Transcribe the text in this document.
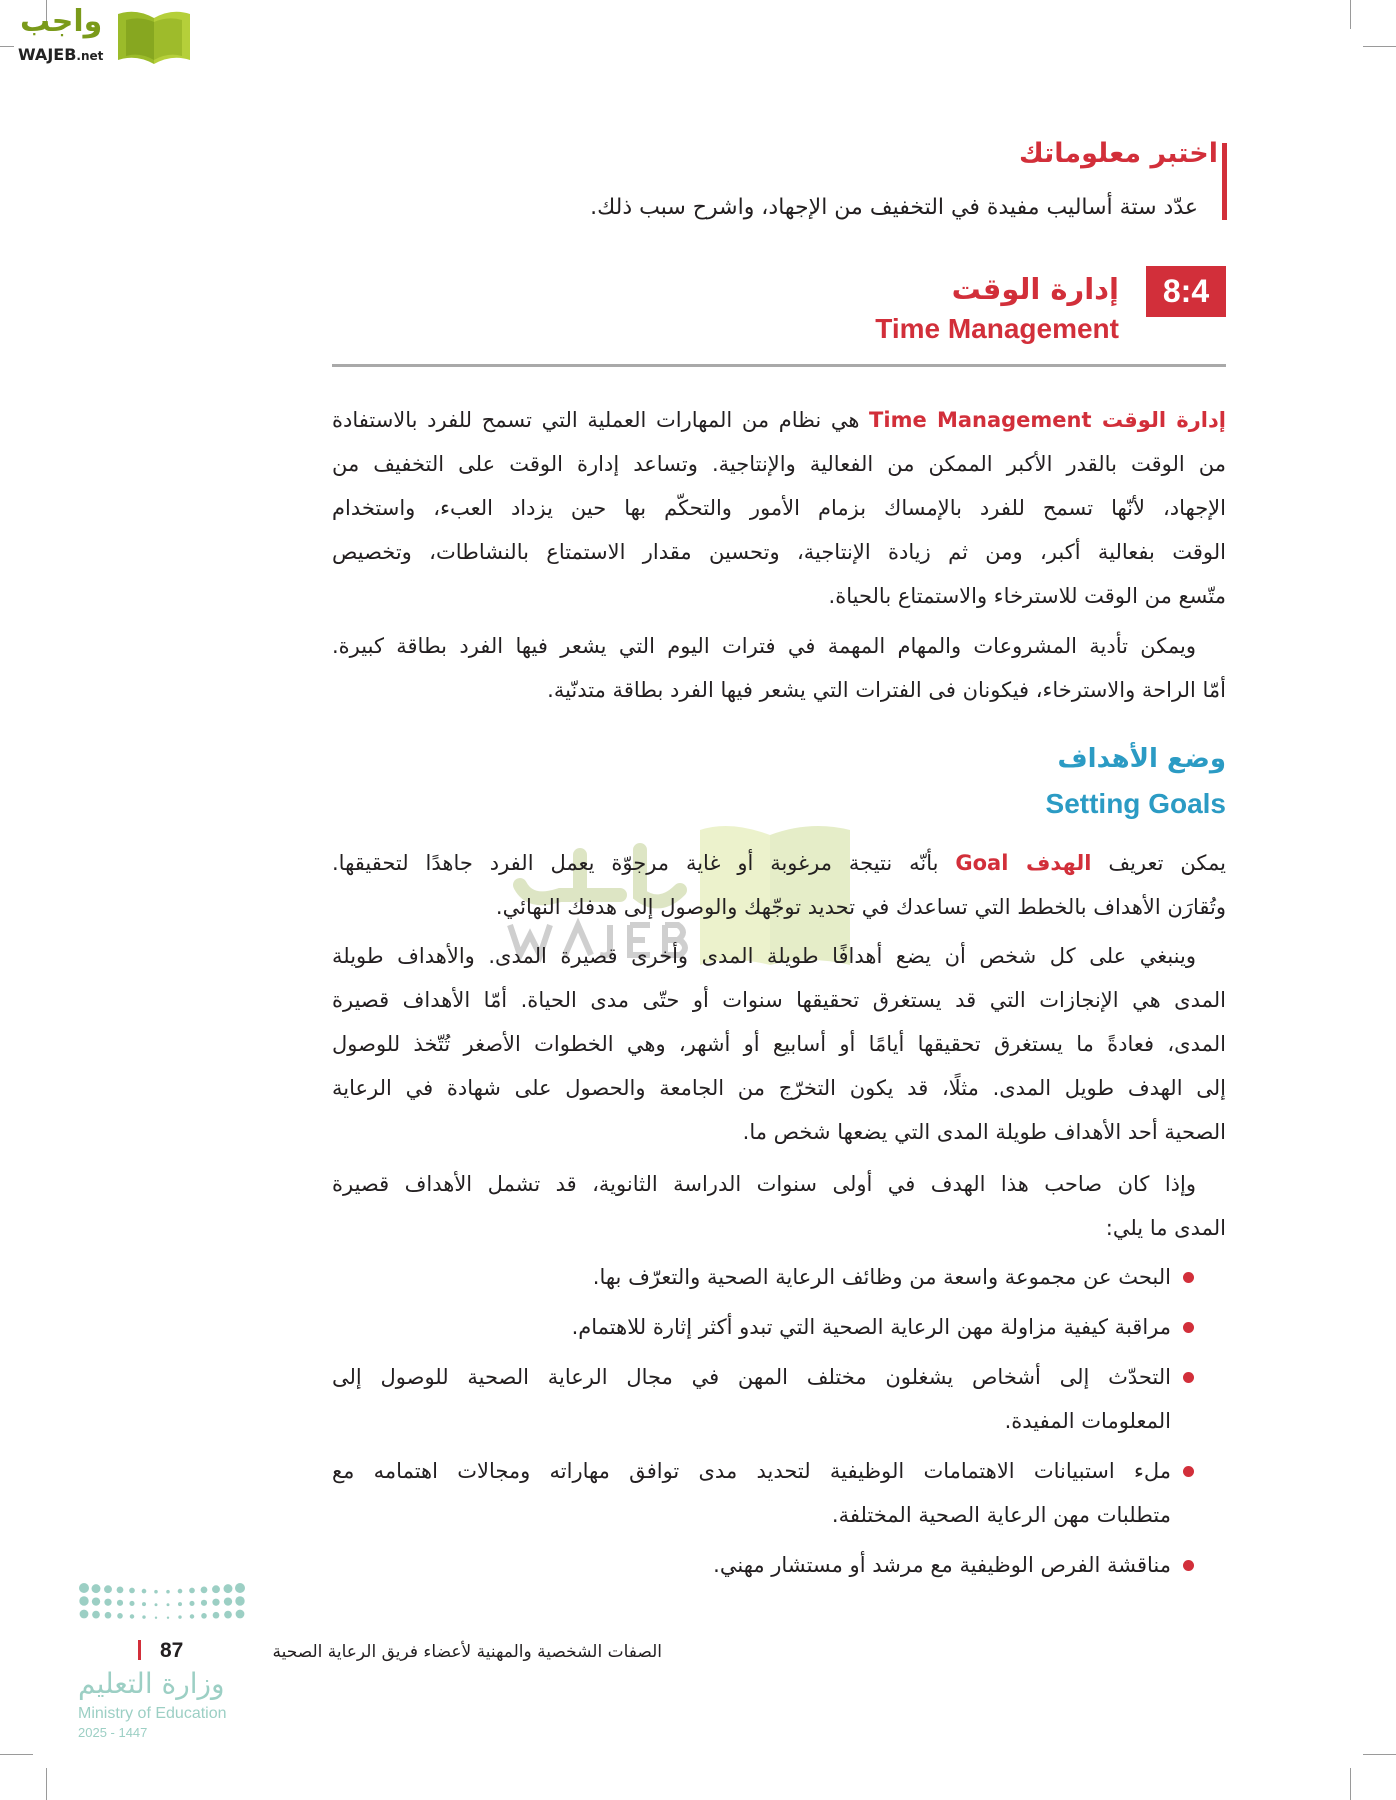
واجب
WAJEB.net
اختبر معلوماتك
عدّد ستة أساليب مفيدة في التخفيف من الإجهاد، واشرح سبب ذلك.
8:4
إدارة الوقت
Time Management
إدارة الوقت Time Management هي نظام من المهارات العملية التي تسمح للفرد بالاستفادة
من الوقت بالقدر الأكبر الممكن من الفعالية والإنتاجية. وتساعد إدارة الوقت على التخفيف من
الإجهاد، لأنّها تسمح للفرد بالإمساك بزمام الأمور والتحكّم بها حين يزداد العبء، واستخدام
الوقت بفعالية أكبر، ومن ثم زيادة الإنتاجية، وتحسين مقدار الاستمتاع بالنشاطات، وتخصيص
متّسع من الوقت للاسترخاء والاستمتاع بالحياة.
ويمكن تأدية المشروعات والمهام المهمة في فترات اليوم التي يشعر فيها الفرد بطاقة كبيرة.
أمّا الراحة والاسترخاء، فيكونان فى الفترات التي يشعر فيها الفرد بطاقة متدنّية.
وضع الأهداف
Setting Goals
يمكن تعريف الهدف Goal بأنّه نتيجة مرغوبة أو غاية مرجوّة يعمل الفرد جاهدًا لتحقيقها.
وتُقارَن الأهداف بالخطط التي تساعدك في تحديد توجّهك والوصول إلى هدفك النهائي.
وينبغي على كل شخص أن يضع أهدافًا طويلة المدى وأخرى قصيرة المدى. والأهداف طويلة
المدى هي الإنجازات التي قد يستغرق تحقيقها سنوات أو حتّى مدى الحياة. أمّا الأهداف قصيرة
المدى، فعادةً ما يستغرق تحقيقها أيامًا أو أسابيع أو أشهر، وهي الخطوات الأصغر تُتّخذ للوصول
إلى الهدف طويل المدى. مثلًا، قد يكون التخرّج من الجامعة والحصول على شهادة في الرعاية
الصحية أحد الأهداف طويلة المدى التي يضعها شخص ما.
وإذا كان صاحب هذا الهدف في أولى سنوات الدراسة الثانوية، قد تشمل الأهداف قصيرة
المدى ما يلي:
البحث عن مجموعة واسعة من وظائف الرعاية الصحية والتعرّف بها.
مراقبة كيفية مزاولة مهن الرعاية الصحية التي تبدو أكثر إثارة للاهتمام.
التحدّث إلى أشخاص يشغلون مختلف المهن في مجال الرعاية الصحية للوصول إلى
المعلومات المفيدة.
ملء استبيانات الاهتمامات الوظيفية لتحديد مدى توافق مهاراته ومجالات اهتمامه مع
متطلبات مهن الرعاية الصحية المختلفة.
مناقشة الفرص الوظيفية مع مرشد أو مستشار مهني.
87	الصفات الشخصية والمهنية لأعضاء فريق الرعاية الصحية
وزارة التعليم
Ministry of Education
2025 - 1447
